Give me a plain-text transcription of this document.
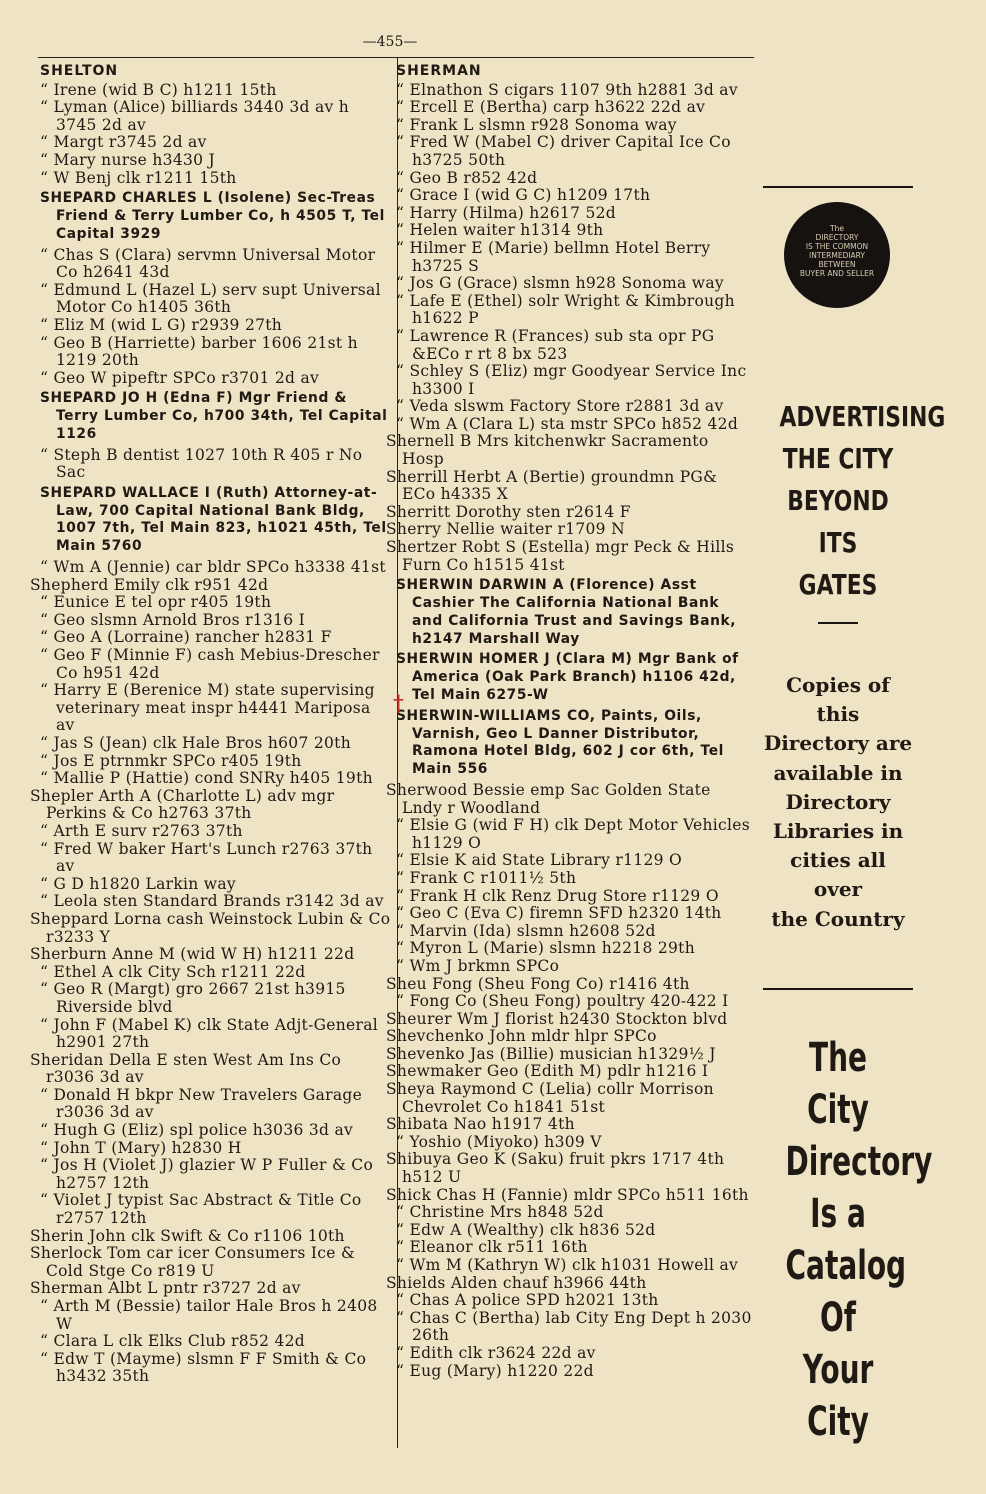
—455—

SHELTON

“ Irene (wid B C) h1211 15th

“ Lyman (Alice) billiards 3440 3d av h 3745 2d av

“ Margt r3745 2d av

“ Mary nurse h3430 J

“ W Benj clk r1211 15th

SHEPARD CHARLES L (Isolene) Sec-Treas Friend & Terry Lumber Co, h 4505 T, Tel Capital 3929

“ Chas S (Clara) servmn Universal Motor Co h2641 43d

“ Edmund L (Hazel L) serv supt Universal Motor Co h1405 36th

“ Eliz M (wid L G) r2939 27th

“ Geo B (Harriette) barber 1606 21st h 1219 20th

“ Geo W pipeftr SPCo r3701 2d av

SHEPARD JO H (Edna F) Mgr Friend & Terry Lumber Co, h700 34th, Tel Capital 1126

“ Steph B dentist 1027 10th R 405 r No Sac

SHEPARD WALLACE I (Ruth) Attorney-at-Law, 700 Capital National Bank Bldg, 1007 7th, Tel Main 823, h1021 45th, Tel Main 5760

“ Wm A (Jennie) car bldr SPCo h3338 41st

Shepherd Emily clk r951 42d

“ Eunice E tel opr r405 19th

“ Geo slsmn Arnold Bros r1316 I

“ Geo A (Lorraine) rancher h2831 F

“ Geo F (Minnie F) cash Mebius-Drescher Co h951 42d

“ Harry E (Berenice M) state supervising veterinary meat inspr h4441 Mariposa av

“ Jas S (Jean) clk Hale Bros h607 20th

“ Jos E ptrnmkr SPCo r405 19th

“ Mallie P (Hattie) cond SNRy h405 19th

Shepler Arth A (Charlotte L) adv mgr Perkins & Co h2763 37th

“ Arth E surv r2763 37th

“ Fred W baker Hart's Lunch r2763 37th av

“ G D h1820 Larkin way

“ Leola sten Standard Brands r3142 3d av

Sheppard Lorna cash Weinstock Lubin & Co r3233 Y

Sherburn Anne M (wid W H) h1211 22d

“ Ethel A clk City Sch r1211 22d

“ Geo R (Margt) gro 2667 21st h3915 Riverside blvd

“ John F (Mabel K) clk State Adjt-General h2901 27th

Sheridan Della E sten West Am Ins Co r3036 3d av

“ Donald H bkpr New Travelers Garage r3036 3d av

“ Hugh G (Eliz) spl police h3036 3d av

“ John T (Mary) h2830 H

“ Jos H (Violet J) glazier W P Fuller & Co h2757 12th

“ Violet J typist Sac Abstract & Title Co r2757 12th

Sherin John clk Swift & Co r1106 10th

Sherlock Tom car icer Consumers Ice & Cold Stge Co r819 U

Sherman Albt L pntr r3727 2d av

“ Arth M (Bessie) tailor Hale Bros h 2408 W

“ Clara L clk Elks Club r852 42d

“ Edw T (Mayme) slsmn F F Smith & Co h3432 35th

SHERMAN

“ Elnathon S cigars 1107 9th h2881 3d av

“ Ercell E (Bertha) carp h3622 22d av

“ Frank L slsmn r928 Sonoma way

“ Fred W (Mabel C) driver Capital Ice Co h3725 50th

“ Geo B r852 42d

“ Grace I (wid G C) h1209 17th

“ Harry (Hilma) h2617 52d

“ Helen waiter h1314 9th

“ Hilmer E (Marie) bellmn Hotel Berry h3725 S

“ Jos G (Grace) slsmn h928 Sonoma way

“ Lafe E (Ethel) solr Wright & Kimbrough h1622 P

“ Lawrence R (Frances) sub sta opr PG &ECo r rt 8 bx 523

“ Schley S (Eliz) mgr Goodyear Service Inc h3300 I

“ Veda slswm Factory Store r2881 3d av

“ Wm A (Clara L) sta mstr SPCo h852 42d

Shernell B Mrs kitchenwkr Sacramento Hosp

Sherrill Herbt A (Bertie) groundmn PG& ECo h4335 X

Sherritt Dorothy sten r2614 F

Sherry Nellie waiter r1709 N

Shertzer Robt S (Estella) mgr Peck & Hills Furn Co h1515 41st

SHERWIN DARWIN A (Florence) Asst Cashier The California National Bank and California Trust and Savings Bank, h2147 Marshall Way

SHERWIN HOMER J (Clara M) Mgr Bank of America (Oak Park Branch) h1106 42d, Tel Main 6275-W

SHERWIN-WILLIAMS CO, Paints, Oils, Varnish, Geo L Danner Distributor, Ramona Hotel Bldg, 602 J cor 6th, Tel Main 556

Sherwood Bessie emp Sac Golden State Lndy r Woodland

“ Elsie G (wid F H) clk Dept Motor Vehicles h1129 O

“ Elsie K aid State Library r1129 O

“ Frank C r1011½ 5th

“ Frank H clk Renz Drug Store r1129 O

“ Geo C (Eva C) firemn SFD h2320 14th

“ Marvin (Ida) slsmn h2608 52d

“ Myron L (Marie) slsmn h2218 29th

“ Wm J brkmn SPCo

Sheu Fong (Sheu Fong Co) r1416 4th

“ Fong Co (Sheu Fong) poultry 420-422 I

Sheurer Wm J florist h2430 Stockton blvd

Shevchenko John mldr hlpr SPCo

Shevenko Jas (Billie) musician h1329½ J

Shewmaker Geo (Edith M) pdlr h1216 I

Sheya Raymond C (Lelia) collr Morrison Chevrolet Co h1841 51st

Shibata Nao h1917 4th

“ Yoshio (Miyoko) h309 V

Shibuya Geo K (Saku) fruit pkrs 1717 4th h512 U

Shick Chas H (Fannie) mldr SPCo h511 16th

“ Christine Mrs h848 52d

“ Edw A (Wealthy) clk h836 52d

“ Eleanor clk r511 16th

“ Wm M (Kathryn W) clk h1031 Howell av

Shields Alden chauf h3966 44th

“ Chas A police SPD h2021 13th

“ Chas C (Bertha) lab City Eng Dept h 2030 26th

“ Edith clk r3624 22d av

“ Eug (Mary) h1220 22d

†
The
DIRECTORY
IS THE COMMON
INTERMEDIARY
BETWEEN
BUYER AND SELLER
ADVERTISING
THE CITY
BEYOND
ITS GATES
Copies of
this
Directory are
available in
Directory
Libraries in
cities all
over
the Country
The City
Directory
Is a
Catalog Of
Your City
